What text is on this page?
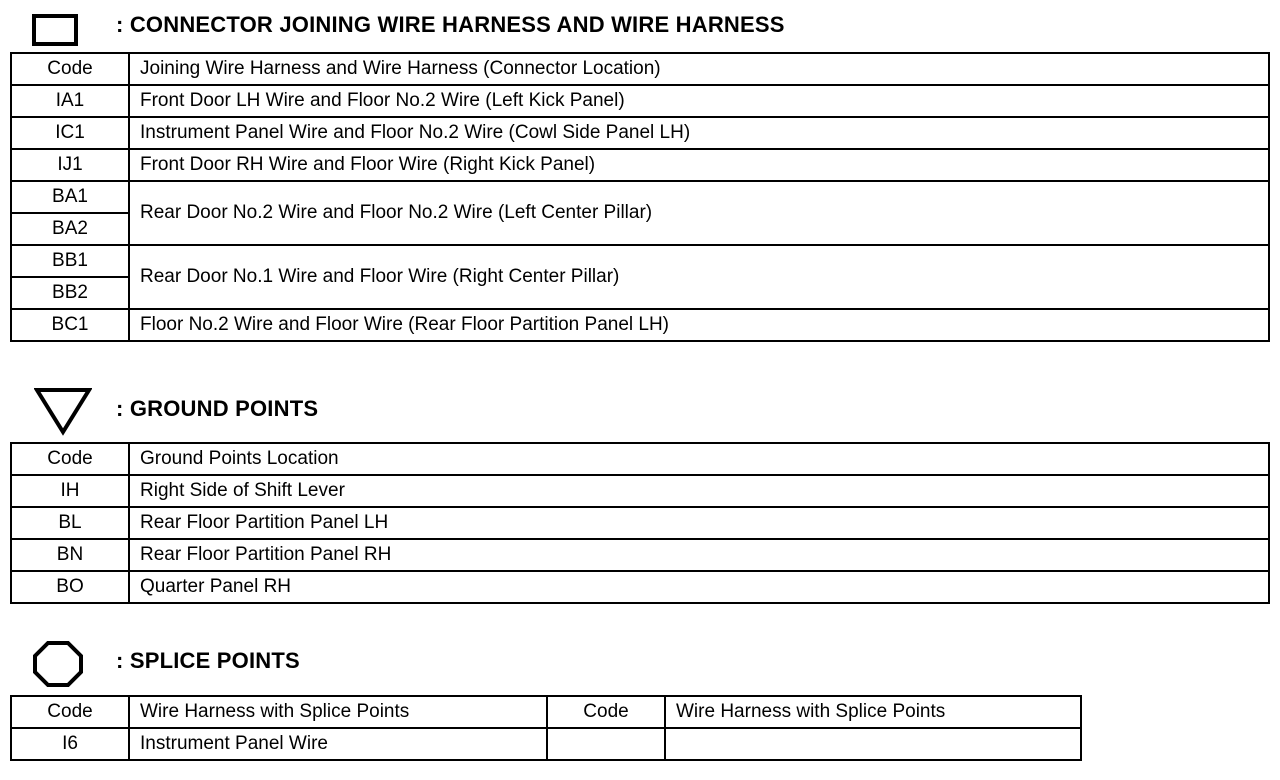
: CONNECTOR JOINING WIRE HARNESS AND WIRE HARNESS
Code	Joining Wire Harness and Wire Harness (Connector Location)
IA1	Front Door LH Wire and Floor No.2 Wire (Left Kick Panel)
IC1	Instrument Panel Wire and Floor No.2 Wire (Cowl Side Panel LH)
IJ1	Front Door RH Wire and Floor Wire (Right Kick Panel)
BA1	Rear Door No.2 Wire and Floor No.2 Wire (Left Center Pillar)
BA2	
BB1	Rear Door No.1 Wire and Floor Wire (Right Center Pillar)
BB2	
BC1	Floor No.2 Wire and Floor Wire (Rear Floor Partition Panel LH)
: GROUND POINTS
Code	Ground Points Location
IH	Right Side of Shift Lever
BL	Rear Floor Partition Panel LH
BN	Rear Floor Partition Panel RH
BO	Quarter Panel RH
: SPLICE POINTS
Code	Wire Harness with Splice Points	Code	Wire Harness with Splice Points
I6	Instrument Panel Wire		
